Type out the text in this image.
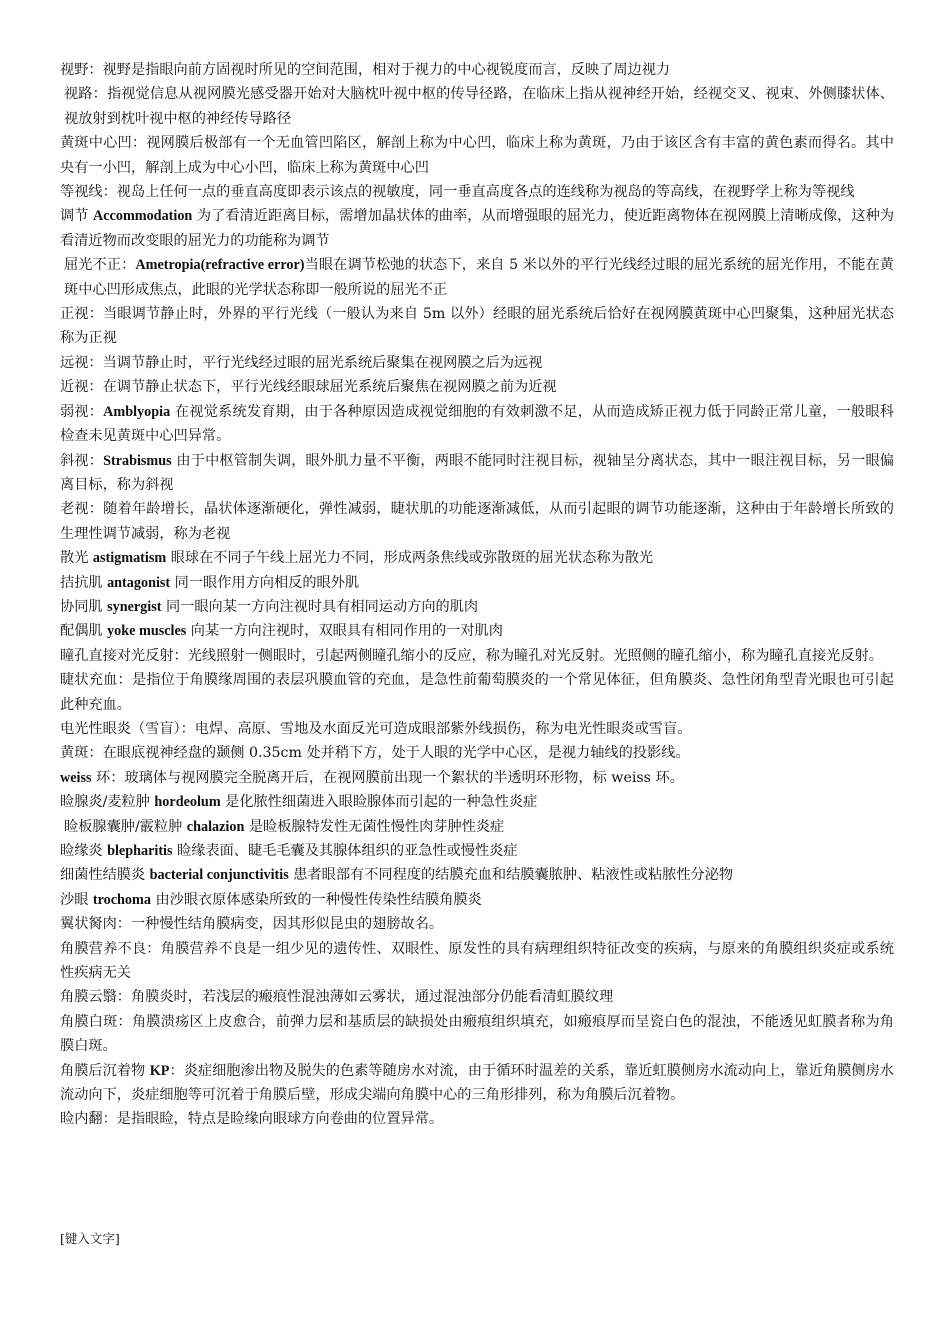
视野：视野是指眼向前方固视时所见的空间范围，相对于视力的中心视锐度而言，反映了周边视力

视路：指视觉信息从视网膜光感受器开始对大脑枕叶视中枢的传导径路，在临床上指从视神经开始，经视交叉、视束、外侧膝状体、视放射到枕叶视中枢的神经传导路径

黄斑中心凹：视网膜后极部有一个无血管凹陷区，解剖上称为中心凹，临床上称为黄斑，乃由于该区含有丰富的黄色素而得名。其中央有一小凹，解剖上成为中心小凹，临床上称为黄斑中心凹

等视线：视岛上任何一点的垂直高度即表示该点的视敏度，同一垂直高度各点的连线称为视岛的等高线，在视野学上称为等视线

调节 Accommodation 为了看清近距离目标，需增加晶状体的曲率，从而增强眼的屈光力，使近距离物体在视网膜上清晰成像，这种为看清近物而改变眼的屈光力的功能称为调节

屈光不正：Ametropia(refractive error)当眼在调节松弛的状态下，来自 5 米以外的平行光线经过眼的屈光系统的屈光作用，不能在黄斑中心凹形成焦点，此眼的光学状态称即一般所说的屈光不正

正视：当眼调节静止时，外界的平行光线（一般认为来自 5m 以外）经眼的屈光系统后恰好在视网膜黄斑中心凹聚集，这种屈光状态称为正视

远视：当调节静止时，平行光线经过眼的屈光系统后聚集在视网膜之后为远视

近视：在调节静止状态下，平行光线经眼球屈光系统后聚焦在视网膜之前为近视

弱视：Amblyopia 在视觉系统发育期，由于各种原因造成视觉细胞的有效刺激不足，从而造成矫正视力低于同龄正常儿童，一般眼科检查未见黄斑中心凹异常。

斜视：Strabismus 由于中枢管制失调，眼外肌力量不平衡，两眼不能同时注视目标，视轴呈分离状态，其中一眼注视目标，另一眼偏离目标，称为斜视

老视：随着年龄增长，晶状体逐渐硬化，弹性减弱，睫状肌的功能逐渐减低，从而引起眼的调节功能逐渐，这种由于年龄增长所致的生理性调节减弱，称为老视

散光 astigmatism 眼球在不同子午线上屈光力不同，形成两条焦线或弥散斑的屈光状态称为散光

拮抗肌 antagonist 同一眼作用方向相反的眼外肌

协同肌 synergist 同一眼向某一方向注视时具有相同运动方向的肌肉

配偶肌 yoke muscles 向某一方向注视时，双眼具有相同作用的一对肌肉

瞳孔直接对光反射：光线照射一侧眼时，引起两侧瞳孔缩小的反应，称为瞳孔对光反射。光照侧的瞳孔缩小，称为瞳孔直接光反射。

睫状充血：是指位于角膜缘周围的表层巩膜血管的充血，是急性前葡萄膜炎的一个常见体征，但角膜炎、急性闭角型青光眼也可引起此种充血。

电光性眼炎（雪盲）：电焊、高原、雪地及水面反光可造成眼部紫外线损伤，称为电光性眼炎或雪盲。

黄斑：在眼底视神经盘的颞侧 0.35cm 处并稍下方，处于人眼的光学中心区，是视力轴线的投影线。

weiss 环：玻璃体与视网膜完全脱离开后，在视网膜前出现一个絮状的半透明环形物，标 weiss 环。

睑腺炎/麦粒肿 hordeolum 是化脓性细菌进入眼睑腺体而引起的一种急性炎症

睑板腺囊肿/霰粒肿 chalazion 是睑板腺特发性无菌性慢性肉芽肿性炎症

睑缘炎 blepharitis 睑缘表面、睫毛毛囊及其腺体组织的亚急性或慢性炎症

细菌性结膜炎 bacterial conjunctivitis 患者眼部有不同程度的结膜充血和结膜囊脓肿、粘液性或粘脓性分泌物

沙眼 trochoma 由沙眼衣原体感染所致的一种慢性传染性结膜角膜炎

翼状胬肉：一种慢性结角膜病变，因其形似昆虫的翅膀故名。

角膜营养不良：角膜营养不良是一组少见的遗传性、双眼性、原发性的具有病理组织特征改变的疾病，与原来的角膜组织炎症或系统性疾病无关

角膜云翳：角膜炎时，若浅层的瘢痕性混浊薄如云雾状，通过混浊部分仍能看清虹膜纹理

角膜白斑：角膜溃疡区上皮愈合，前弹力层和基质层的缺损处由瘢痕组织填充，如瘢痕厚而呈瓷白色的混浊，不能透见虹膜者称为角膜白斑。

角膜后沉着物 KP：炎症细胞渗出物及脱失的色素等随房水对流，由于循环时温差的关系，靠近虹膜侧房水流动向上，靠近角膜侧房水流动向下，炎症细胞等可沉着于角膜后壁，形成尖端向角膜中心的三角形排列，称为角膜后沉着物。

睑内翻：是指眼睑，特点是睑缘向眼球方向卷曲的位置异常。

[键入文字]
